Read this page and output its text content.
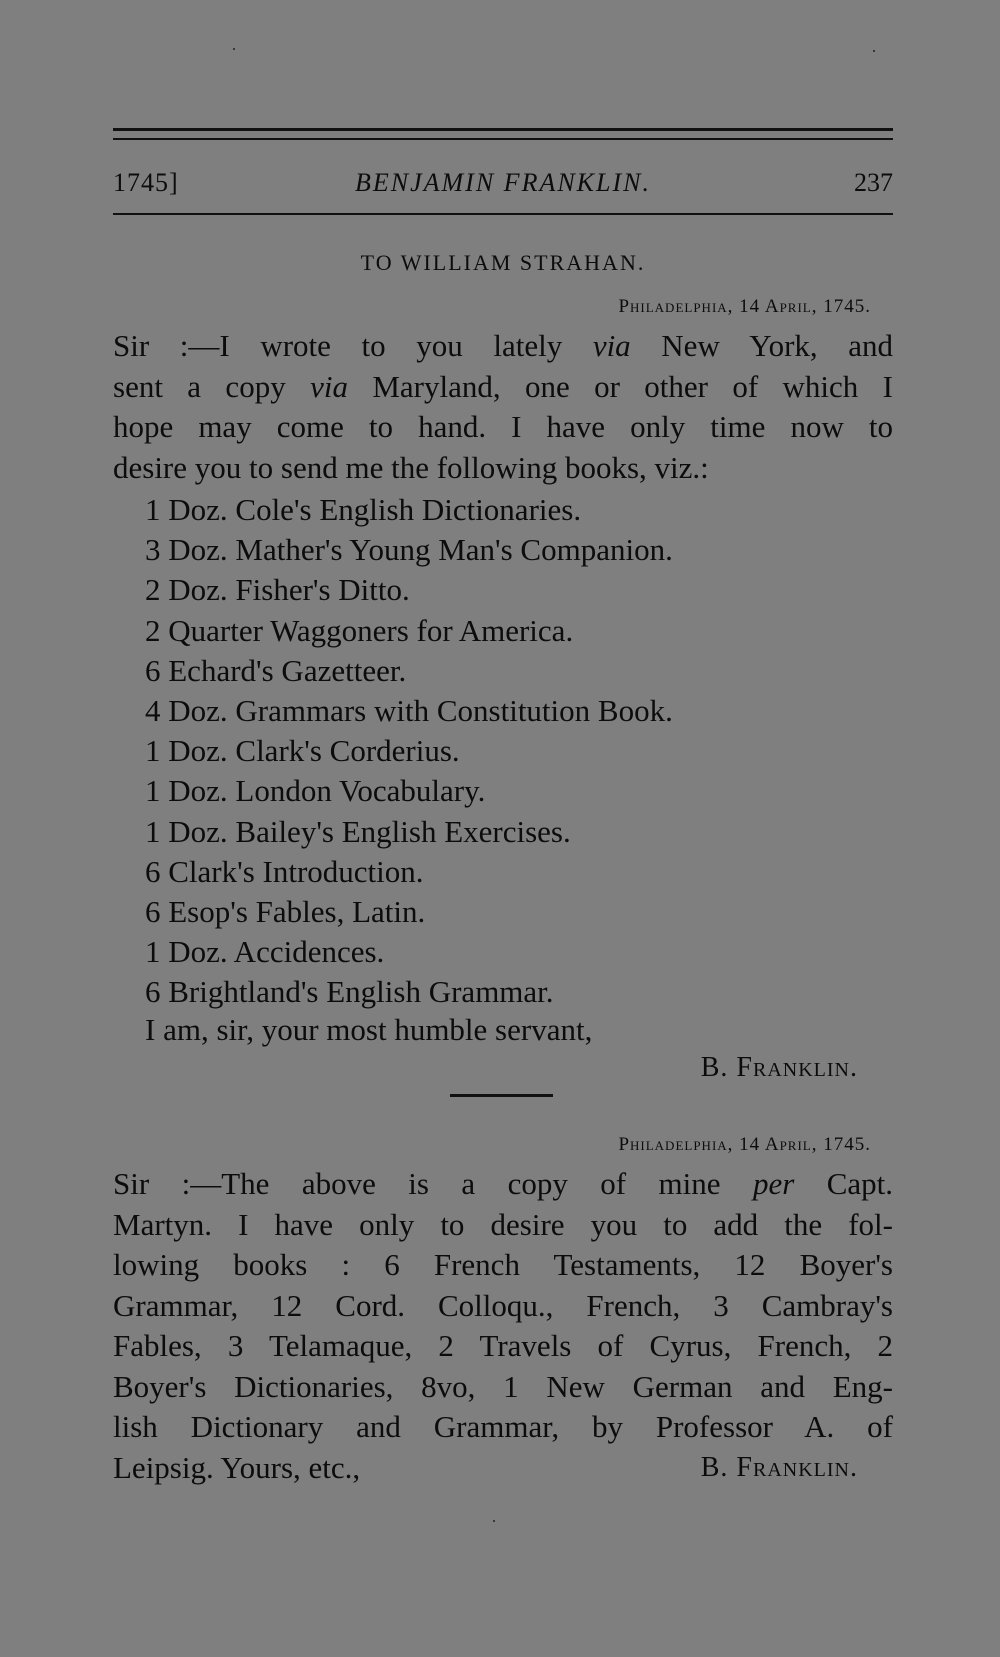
1745]	BENJAMIN FRANKLIN.	237
TO WILLIAM STRAHAN.
Philadelphia, 14 April, 1745.
Sir :—I wrote to you lately via New York, and
sent a copy via Maryland, one or other of which I
hope may come to hand. I have only time now to
desire you to send me the following books, viz.:
1 Doz. Cole's English Dictionaries.
3 Doz. Mather's Young Man's Companion.
2 Doz. Fisher's Ditto.
2 Quarter Waggoners for America.
6 Echard's Gazetteer.
4 Doz. Grammars with Constitution Book.
1 Doz. Clark's Corderius.
1 Doz. London Vocabulary.
1 Doz. Bailey's English Exercises.
6 Clark's Introduction.
6 Esop's Fables, Latin.
1 Doz. Accidences.
6 Brightland's English Grammar.
I am, sir, your most humble servant,
B. Franklin.
Philadelphia, 14 April, 1745.
Sir :—The above is a copy of mine per Capt.
Martyn. I have only to desire you to add the fol-
lowing books : 6 French Testaments, 12 Boyer's
Grammar, 12 Cord. Colloqu., French, 3 Cambray's
Fables, 3 Telamaque, 2 Travels of Cyrus, French, 2
Boyer's Dictionaries, 8vo, 1 New German and Eng-
lish Dictionary and Grammar, by Professor A. of
Leipsig. Yours, etc.,	B. Franklin.
